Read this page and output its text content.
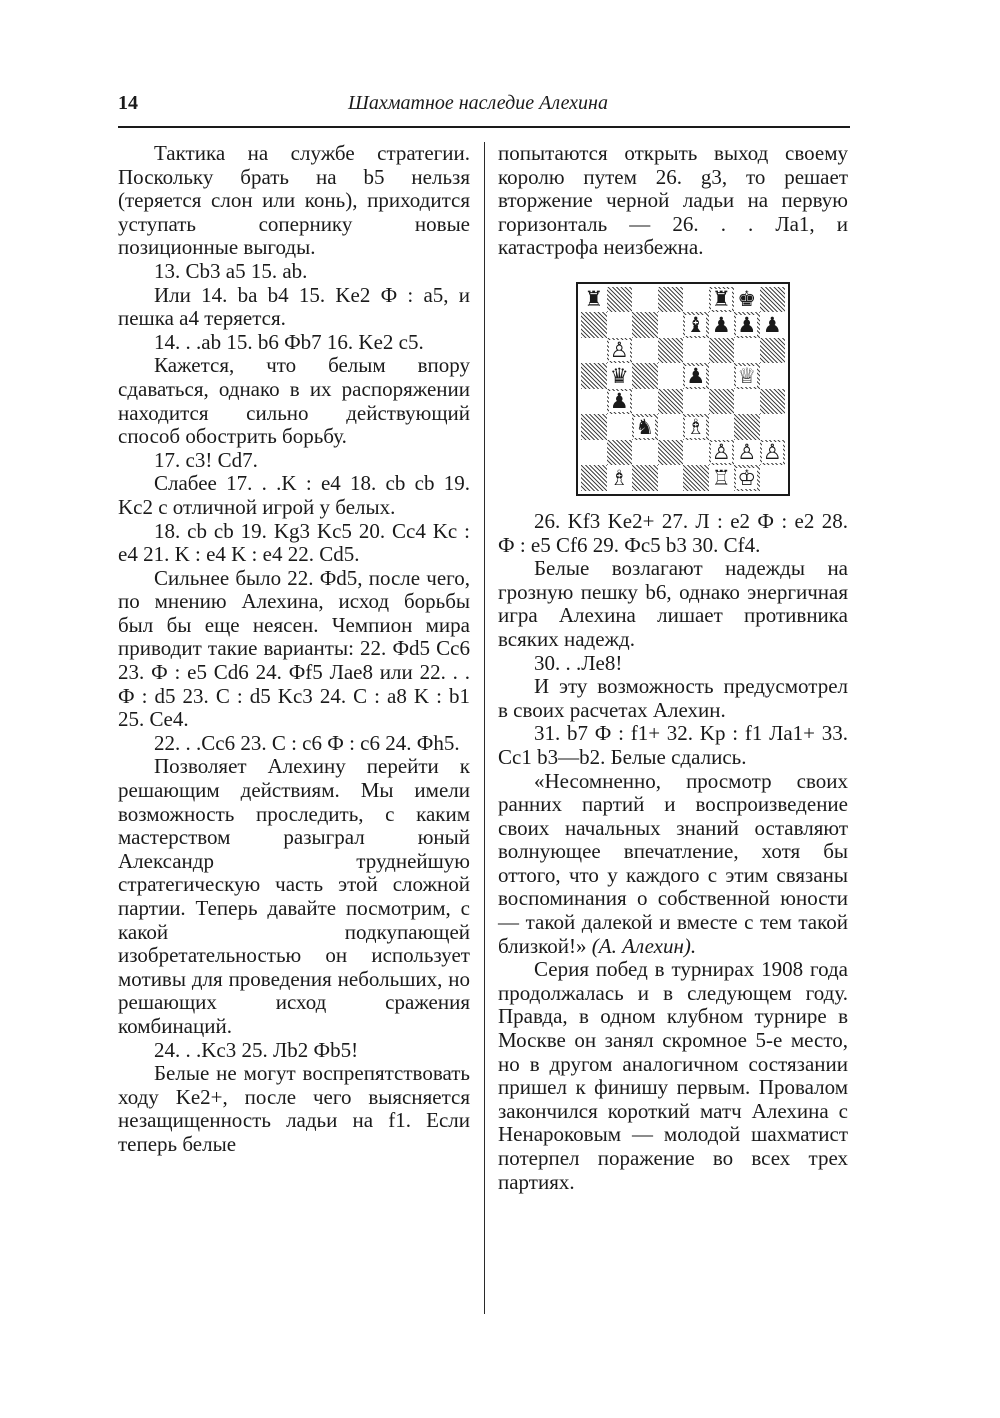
14	Шахматное наследие Алехина

Тактика на службе стратегии. Поскольку брать на b5 нельзя (теряется слон или конь), приходится уступать сопернику новые позиционные выгоды.

13. Cb3 a5 15. ab.

Или 14. ba b4 15. Ke2 Ф : a5, и пешка a4 теряется.

14. . .ab 15. b6 Фb7 16. Ke2 c5.

Кажется, что белым впору сдаваться, однако в их распоряжении находится сильно действующий способ обострить борьбу.

17. c3! Cd7.

Слабее 17. . .K : e4 18. cb cb 19. Kc2 с отличной игрой у белых.

18. cb cb 19. Kg3 Kc5 20. Cc4 Kc : e4 21. K : e4 K : e4 22. Cd5.

Сильнее было 22. Фd5, после чего, по мнению Алехина, исход борьбы был бы еще неясен. Чемпион мира приводит такие варианты: 22. Фd5 Cc6 23. Ф : e5 Cd6 24. Фf5 Лae8 или 22. . . Ф : d5 23. C : d5 Kc3 24. C : a8 K : b1 25. Ce4.

22. . .Cc6 23. C : c6 Ф : c6 24. Фh5.

Позволяет Алехину перейти к решающим действиям. Мы имели возможность проследить, с каким мастерством разыграл юный Александр труднейшую стратегическую часть этой сложной партии. Теперь давайте посмотрим, с какой подкупающей изобретательностью он использует мотивы для проведения небольших, но решающих исход сражения комбинаций.

24. . .Kc3 25. Лb2 Фb5!

Белые не могут воспрепятствовать ходу Ke2+, после чего выясняется незащищенность ладьи на f1. Если теперь белые

попытаются открыть выход своему королю путем 26. g3, то решает вторжение черной ладьи на первую горизонталь — 26. . . Лa1, и катастрофа неизбежна.

♜	♜ ♚
♝ ♟ ♟ ♟
♙
♛	♟ ♕
♟
♞ ♗
♙ ♙ ♙
♗	♖ ♔

26. Kf3 Ke2+ 27. Л : e2 Ф : e2 28. Ф : e5 Cf6 29. Фc5 b3 30. Cf4.

Белые возлагают надежды на грозную пешку b6, однако энергичная игра Алехина лишает противника всяких надежд.

30. . .Лe8!

И эту возможность предусмотрел в своих расчетах Алехин.

31. b7 Ф : f1+ 32. Kp : f1 Лa1+ 33. Cc1 b3—b2. Белые сдались.

«Несомненно, просмотр своих ранних партий и воспроизведение своих начальных знаний оставляют волнующее впечатление, хотя бы оттого, что у каждого с этим связаны воспоминания о собственной юности — такой далекой и вместе с тем такой близкой!» (А. Алехин).

Серия побед в турнирах 1908 года продолжалась и в следующем году. Правда, в одном клубном турнире в Москве он занял скромное 5-е место, но в другом аналогичном состязании пришел к финишу первым. Провалом закончился короткий матч Алехина с Ненароковым — молодой шахматист потерпел поражение во всех трех партиях.
